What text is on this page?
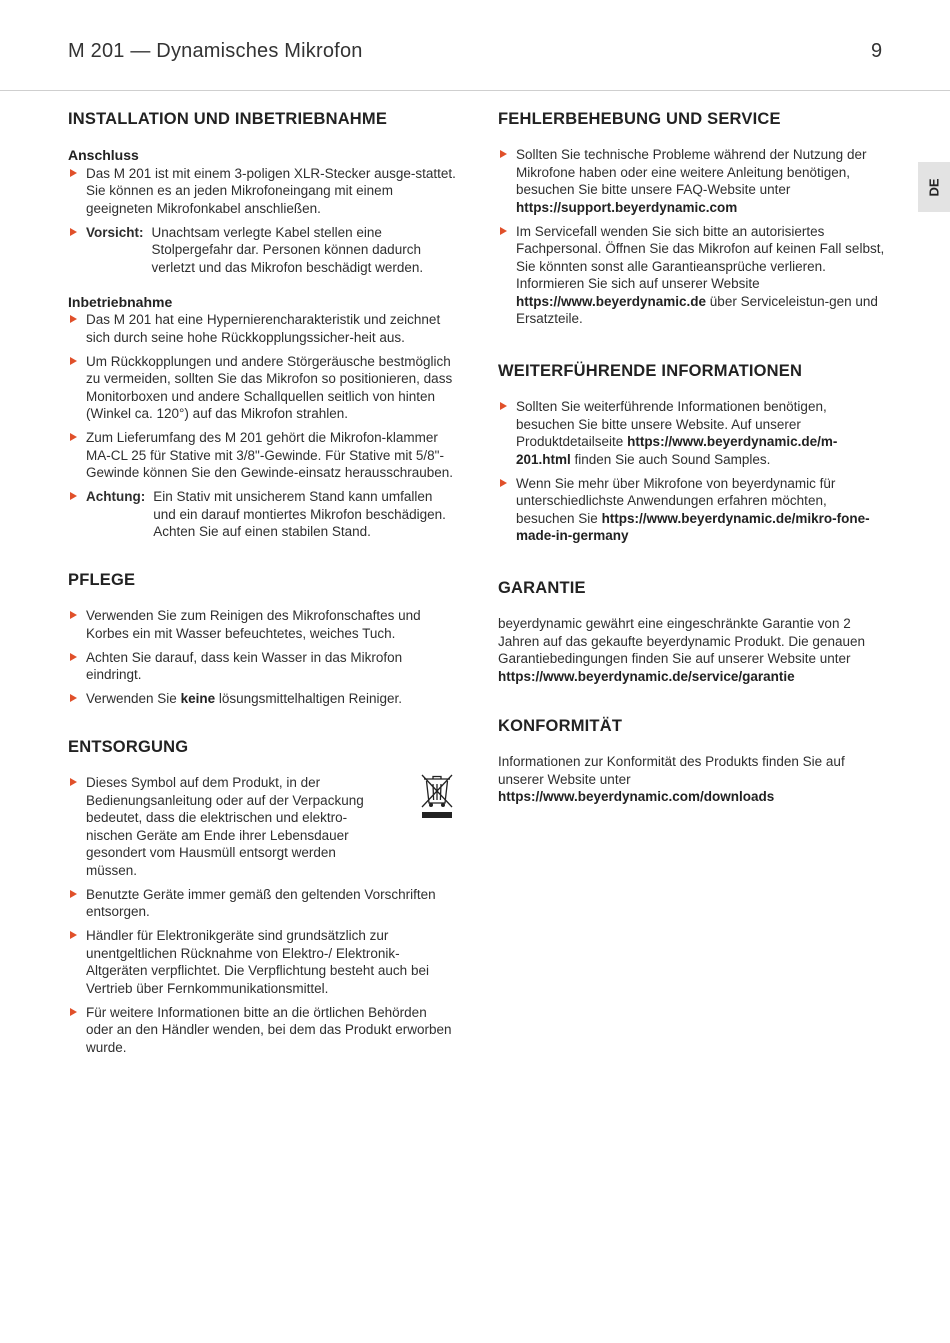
M 201 — Dynamisches Mikrofon	9
DE
INSTALLATION UND INBETRIEBNAHME
Anschluss
Das M 201 ist mit einem 3-poligen XLR-Stecker ausge-stattet. Sie können es an jeden Mikrofoneingang mit einem geeigneten Mikrofonkabel anschließen.
Vorsicht: Unachtsam verlegte Kabel stellen eine Stolpergefahr dar. Personen können dadurch verletzt und das Mikrofon beschädigt werden.
Inbetriebnahme
Das M 201 hat eine Hypernierencharakteristik und zeichnet sich durch seine hohe Rückkopplungssicher-heit aus.
Um Rückkopplungen und andere Störgeräusche bestmöglich zu vermeiden, sollten Sie das Mikrofon so positionieren, dass Monitorboxen und andere Schallquellen seitlich von hinten (Winkel ca. 120°) auf das Mikrofon strahlen.
Zum Lieferumfang des M 201 gehört die Mikrofon-klammer MA-CL 25 für Stative mit 3/8"-Gewinde. Für Stative mit 5/8"-Gewinde können Sie den Gewinde-einsatz herausschrauben.
Achtung: Ein Stativ mit unsicherem Stand kann umfallen und ein darauf montiertes Mikrofon beschädigen. Achten Sie auf einen stabilen Stand.
PFLEGE
Verwenden Sie zum Reinigen des Mikrofonschaftes und Korbes ein mit Wasser befeuchtetes, weiches Tuch.
Achten Sie darauf, dass kein Wasser in das Mikrofon eindringt.
Verwenden Sie keine lösungsmittelhaltigen Reiniger.
ENTSORGUNG
Dieses Symbol auf dem Produkt, in der Bedienungsanleitung oder auf der Verpackung bedeutet, dass die elektrischen und elektro-nischen Geräte am Ende ihrer Lebensdauer gesondert vom Hausmüll entsorgt werden müssen.
Benutzte Geräte immer gemäß den geltenden Vorschriften entsorgen.
Händler für Elektronikgeräte sind grundsätzlich zur unentgeltlichen Rücknahme von Elektro-/ Elektronik-Altgeräten verpflichtet. Die Verpflichtung besteht auch bei Vertrieb über Fernkommunikationsmittel.
Für weitere Informationen bitte an die örtlichen Behörden oder an den Händler wenden, bei dem das Produkt erworben wurde.
FEHLERBEHEBUNG UND SERVICE
Sollten Sie technische Probleme während der Nutzung der Mikrofone haben oder eine weitere Anleitung benötigen, besuchen Sie bitte unsere FAQ-Website unter https://support.beyerdynamic.com
Im Servicefall wenden Sie sich bitte an autorisiertes Fachpersonal. Öffnen Sie das Mikrofon auf keinen Fall selbst, Sie könnten sonst alle Garantieansprüche verlieren. Informieren Sie sich auf unserer Website https://www.beyerdynamic.de über Serviceleistun-gen und Ersatzteile.
WEITERFÜHRENDE INFORMATIONEN
Sollten Sie weiterführende Informationen benötigen, besuchen Sie bitte unsere Website. Auf unserer Produktdetailseite https://www.beyerdynamic.de/m-201.html finden Sie auch Sound Samples.
Wenn Sie mehr über Mikrofone von beyerdynamic für unterschiedlichste Anwendungen erfahren möchten, besuchen Sie https://www.beyerdynamic.de/mikro-fone-made-in-germany
GARANTIE
beyerdynamic gewährt eine eingeschränkte Garantie von 2 Jahren auf das gekaufte beyerdynamic Produkt. Die genauen Garantiebedingungen finden Sie auf unserer Website unter https://www.beyerdynamic.de/service/garantie
KONFORMITÄT
Informationen zur Konformität des Produkts finden Sie auf unserer Website unter https://www.beyerdynamic.com/downloads
